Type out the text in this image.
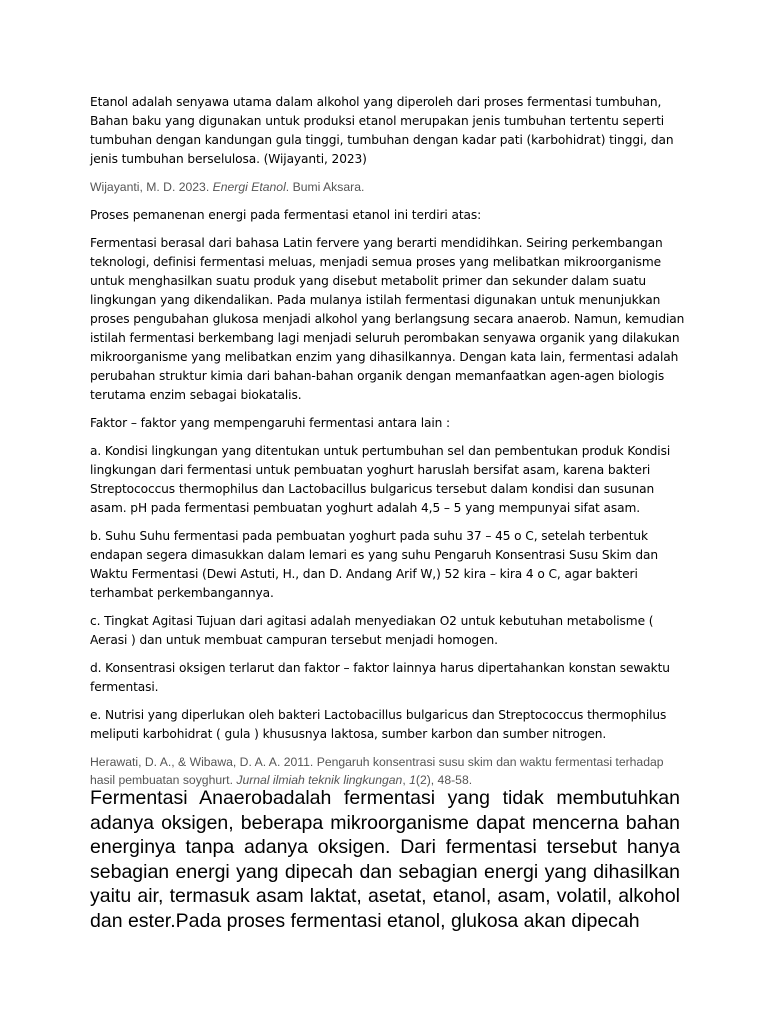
Etanol adalah senyawa utama dalam alkohol yang diperoleh dari proses fermentasi tumbuhan, Bahan baku yang digunakan untuk produksi etanol merupakan jenis tumbuhan tertentu seperti tumbuhan dengan kandungan gula tinggi, tumbuhan dengan kadar pati (karbohidrat) tinggi, dan jenis tumbuhan berselulosa. (Wijayanti, 2023)

Wijayanti, M. D. 2023. Energi Etanol. Bumi Aksara.

Proses pemanenan energi pada fermentasi etanol ini terdiri atas:

Fermentasi berasal dari bahasa Latin fervere yang berarti mendidihkan. Seiring perkembangan teknologi, definisi fermentasi meluas, menjadi semua proses yang melibatkan mikroorganisme untuk menghasilkan suatu produk yang disebut metabolit primer dan sekunder dalam suatu lingkungan yang dikendalikan. Pada mulanya istilah fermentasi digunakan untuk menunjukkan proses pengubahan glukosa menjadi alkohol yang berlangsung secara anaerob. Namun, kemudian istilah fermentasi berkembang lagi menjadi seluruh perombakan senyawa organik yang dilakukan mikroorganisme yang melibatkan enzim yang dihasilkannya. Dengan kata lain, fermentasi adalah perubahan struktur kimia dari bahan-bahan organik dengan memanfaatkan agen-agen biologis terutama enzim sebagai biokatalis.

Faktor – faktor yang mempengaruhi fermentasi antara lain :

a. Kondisi lingkungan yang ditentukan untuk pertumbuhan sel dan pembentukan produk Kondisi lingkungan dari fermentasi untuk pembuatan yoghurt haruslah bersifat asam, karena bakteri Streptococcus thermophilus dan Lactobacillus bulgaricus tersebut dalam kondisi dan susunan asam. pH pada fermentasi pembuatan yoghurt adalah 4,5 – 5 yang mempunyai sifat asam.

b. Suhu Suhu fermentasi pada pembuatan yoghurt pada suhu 37 – 45 o C, setelah terbentuk endapan segera dimasukkan dalam lemari es yang suhu Pengaruh Konsentrasi Susu Skim dan Waktu Fermentasi (Dewi Astuti, H., dan D. Andang Arif W,) 52 kira – kira 4 o C, agar bakteri terhambat perkembangannya.

c. Tingkat Agitasi Tujuan dari agitasi adalah menyediakan O2 untuk kebutuhan metabolisme ( Aerasi ) dan untuk membuat campuran tersebut menjadi homogen.

d. Konsentrasi oksigen terlarut dan faktor – faktor lainnya harus dipertahankan konstan sewaktu fermentasi.

e. Nutrisi yang diperlukan oleh bakteri Lactobacillus bulgaricus dan Streptococcus thermophilus meliputi karbohidrat ( gula ) khususnya laktosa, sumber karbon dan sumber nitrogen.

Herawati, D. A., & Wibawa, D. A. A. 2011. Pengaruh konsentrasi susu skim dan waktu fermentasi terhadap hasil pembuatan soyghurt. Jurnal ilmiah teknik lingkungan, 1(2), 48-58.

Fermentasi Anaerobadalah fermentasi yang tidak membutuhkan adanya oksigen, beberapa mikroorganisme dapat mencerna bahan energinya tanpa adanya oksigen. Dari fermentasi tersebut hanya sebagian energi yang dipecah dan sebagian energi yang dihasilkan yaitu air, termasuk asam laktat, asetat, etanol, asam, volatil, alkohol dan ester.Pada proses fermentasi etanol, glukosa akan dipecah
